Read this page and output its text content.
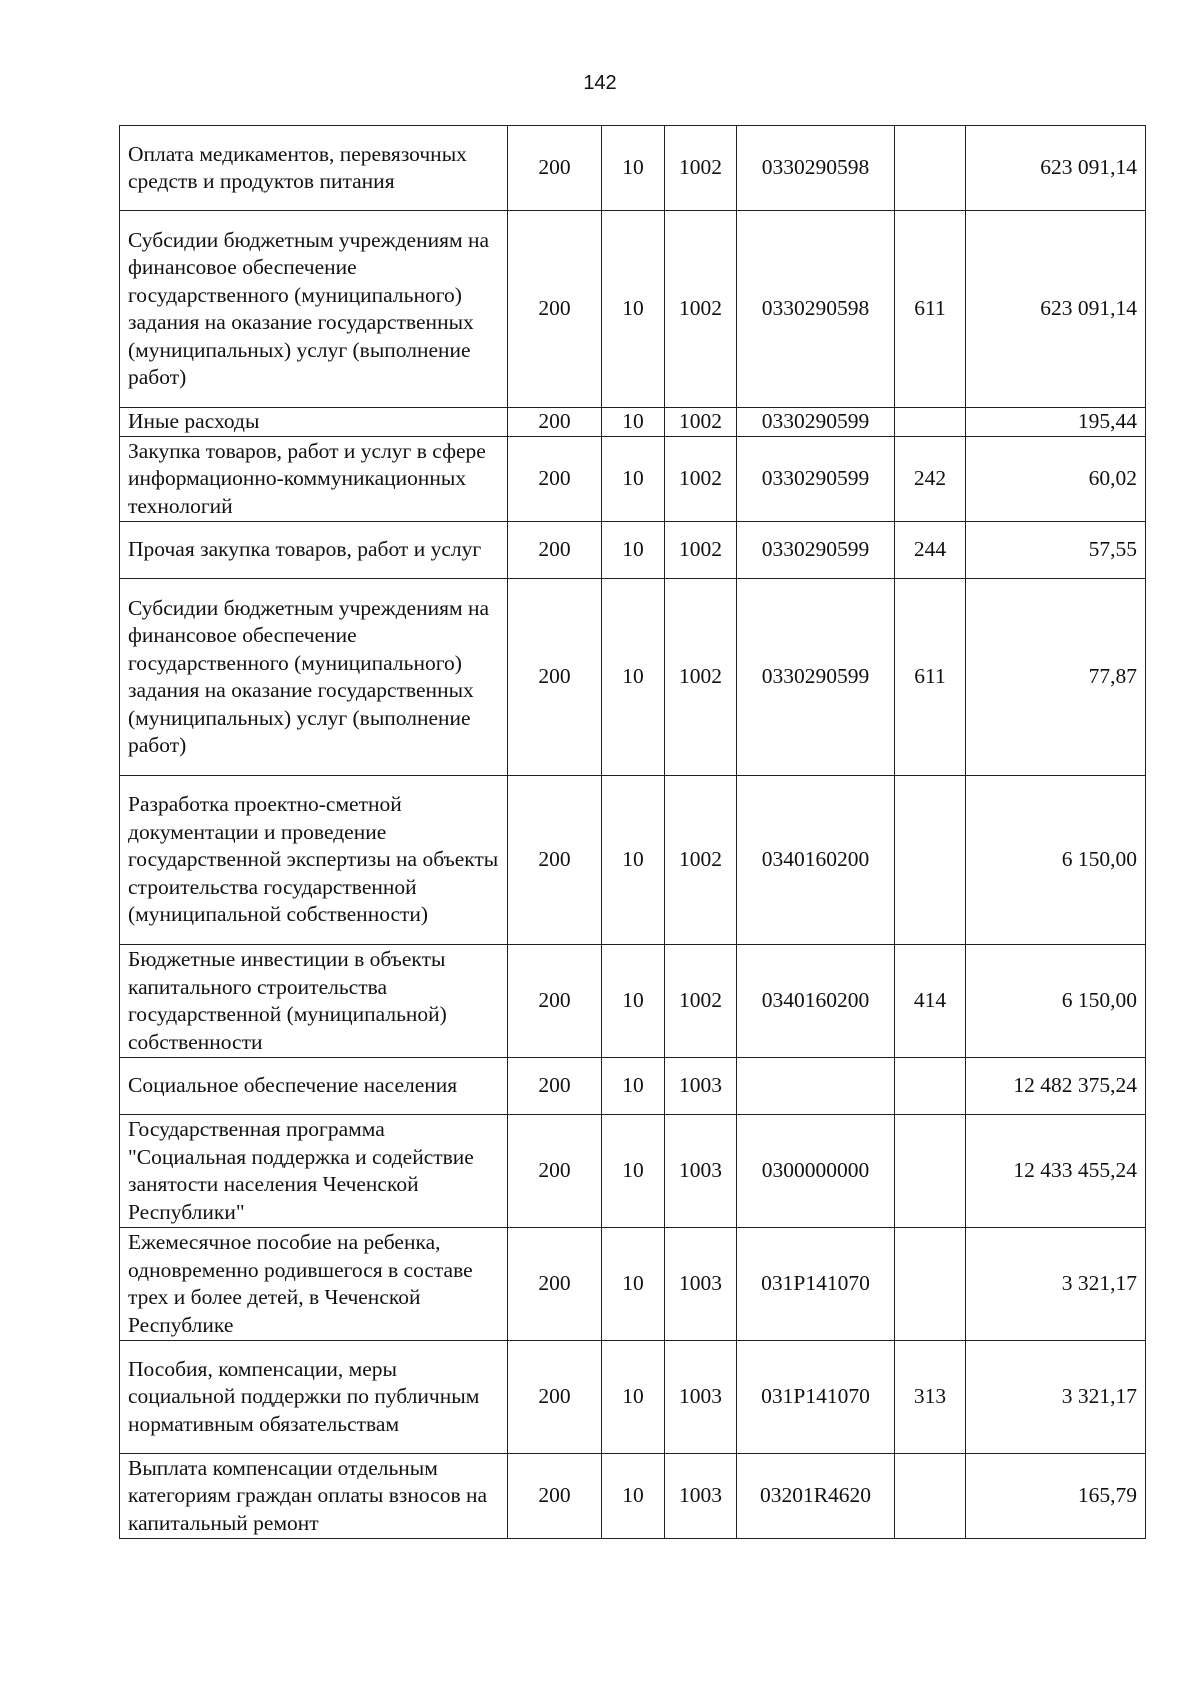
142
Оплата медикаментов, перевязочных средств и продуктов питания	200	10	1002	0330290598		623 091,14
Субсидии бюджетным учреждениям на финансовое обеспечение государственного (муниципального) задания на оказание государственных (муниципальных) услуг (выполнение работ)	200	10	1002	0330290598	611	623 091,14
Иные расходы	200	10	1002	0330290599		195,44
Закупка товаров, работ и услуг в сфере информационно-коммуникационных технологий	200	10	1002	0330290599	242	60,02
Прочая закупка товаров, работ и услуг	200	10	1002	0330290599	244	57,55
Субсидии бюджетным учреждениям на финансовое обеспечение государственного (муниципального) задания на оказание государственных (муниципальных) услуг (выполнение работ)	200	10	1002	0330290599	611	77,87
Разработка проектно-сметной документации и проведение государственной экспертизы на объекты строительства государственной (муниципальной собственности)	200	10	1002	0340160200		6 150,00
Бюджетные инвестиции в объекты капитального строительства государственной (муниципальной) собственности	200	10	1002	0340160200	414	6 150,00
Социальное обеспечение населения	200	10	1003			12 482 375,24
Государственная программа "Социальная поддержка и содействие занятости населения Чеченской Республики"	200	10	1003	0300000000		12 433 455,24
Ежемесячное пособие на ребенка, одновременно родившегося в составе трех и более детей, в Чеченской Республике	200	10	1003	031P141070		3 321,17
Пособия, компенсации, меры социальной поддержки по публичным нормативным обязательствам	200	10	1003	031P141070	313	3 321,17
Выплата компенсации отдельным категориям граждан оплаты взносов на капитальный ремонт	200	10	1003	03201R4620		165,79
